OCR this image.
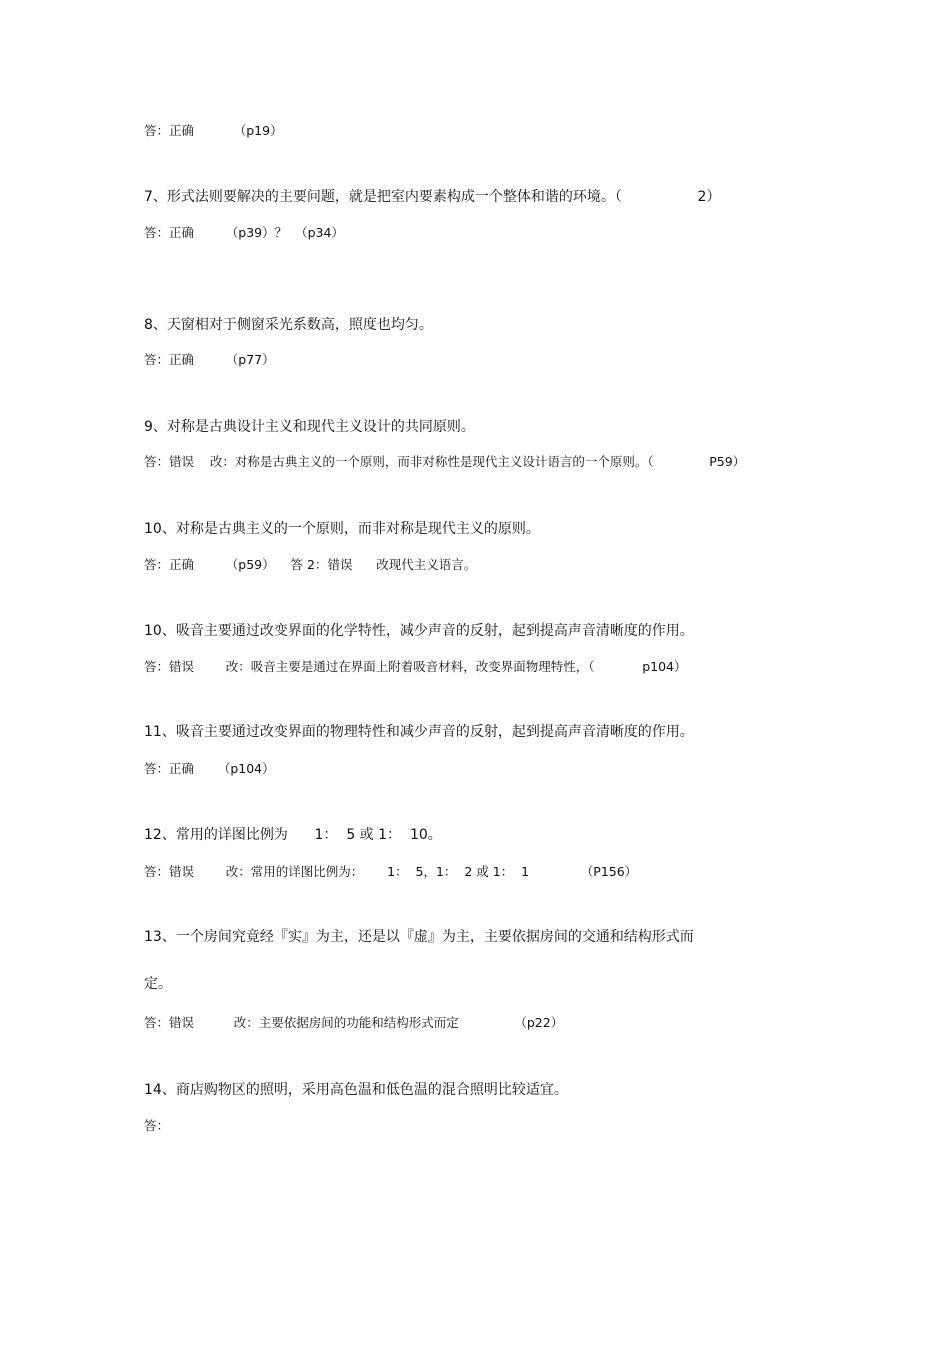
答：正确          （p19）

7、形式法则要解决的主要问题，就是把室内要素构成一个整体和谐的环境。（                 2）

答：正确        （p39）？  （p34）

8、天窗相对于侧窗采光系数高，照度也均匀。

答：正确        （p77）

9、对称是古典设计主义和现代主义设计的共同原则。

答：错误    改：对称是古典主义的一个原则，而非对称性是现代主义设计语言的一个原则。（              P59）

10、对称是古典主义的一个原则，而非对称是现代主义的原则。

答：正确        （p59）    答 2：错误      改现代主义语言。

10、吸音主要通过改变界面的化学特性，减少声音的反射，起到提高声音清晰度的作用。

答：错误        改：吸音主要是通过在界面上附着吸音材料，改变界面物理特性，（            p104）

11、吸音主要通过改变界面的物理特性和减少声音的反射，起到提高声音清晰度的作用。

答：正确      （p104）

12、常用的详图比例为      1：  5 或 1：  10。

答：错误        改：常用的详图比例为：      1：  5，1：  2 或 1：  1             （P156）

13、一个房间究竟经『实』为主，还是以『虚』为主，主要依据房间的交通和结构形式而

定。

答：错误          改：主要依据房间的功能和结构形式而定              （p22）

14、商店购物区的照明，采用高色温和低色温的混合照明比较适宜。

答：
